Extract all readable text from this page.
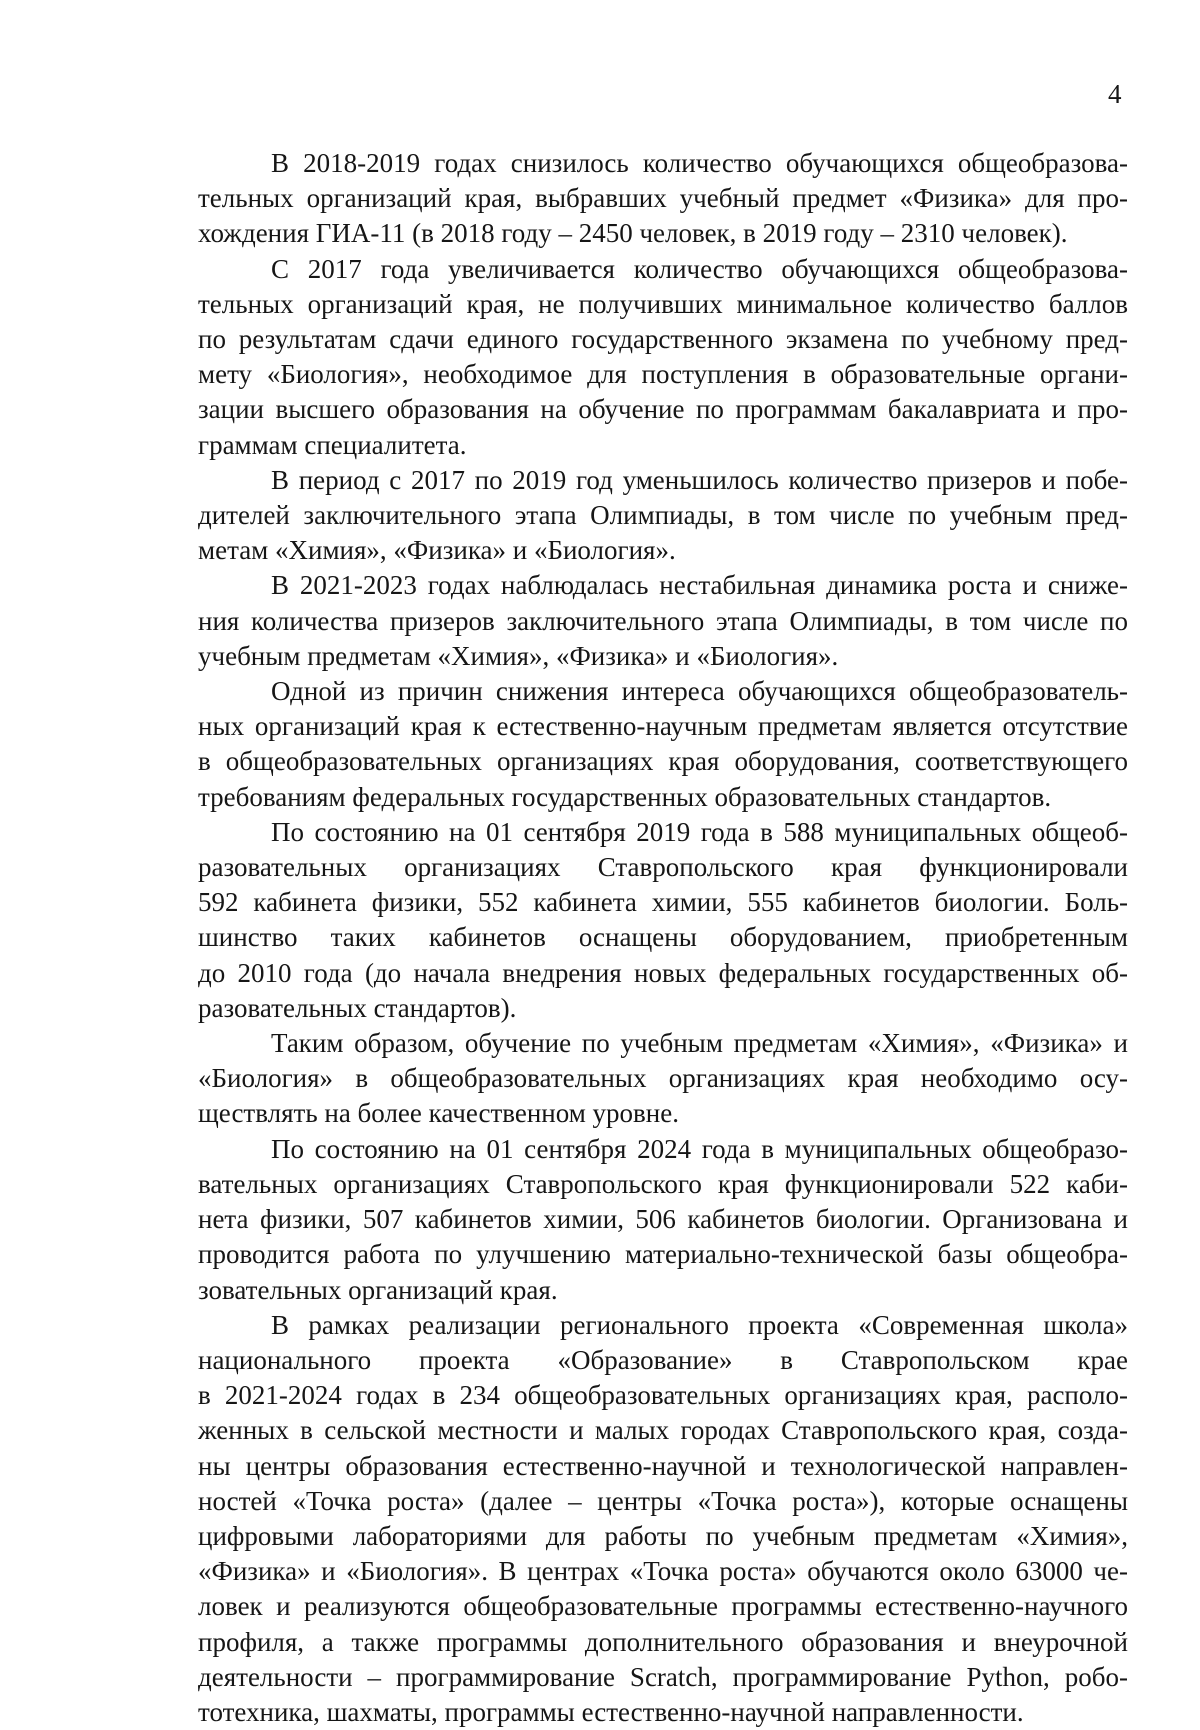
4

В 2018-2019 годах снизилось количество обучающихся общеобразова-
тельных организаций края, выбравших учебный предмет «Физика» для про-
хождения ГИА-11 (в 2018 году – 2450 человек, в 2019 году – 2310 человек).

С 2017 года увеличивается количество обучающихся общеобразова-
тельных организаций края, не получивших минимальное количество баллов
по результатам сдачи единого государственного экзамена по учебному пред-
мету «Биология», необходимое для поступления в образовательные органи-
зации высшего образования на обучение по программам бакалавриата и про-
граммам специалитета.

В период с 2017 по 2019 год уменьшилось количество призеров и побе-
дителей заключительного этапа Олимпиады, в том числе по учебным пред-
метам «Химия», «Физика» и «Биология».

В 2021-2023 годах наблюдалась нестабильная динамика роста и сниже-
ния количества призеров заключительного этапа Олимпиады, в том числе по
учебным предметам «Химия», «Физика» и «Биология».

Одной из причин снижения интереса обучающихся общеобразователь-
ных организаций края к естественно-научным предметам является отсутствие
в общеобразовательных организациях края оборудования, соответствующего
требованиям федеральных государственных образовательных стандартов.

По состоянию на 01 сентября 2019 года в 588 муниципальных общеоб-
разовательных организациях Ставропольского края функционировали
592 кабинета физики, 552 кабинета химии, 555 кабинетов биологии. Боль-
шинство таких кабинетов оснащены оборудованием, приобретенным
до 2010 года (до начала внедрения новых федеральных государственных об-
разовательных стандартов).

Таким образом, обучение по учебным предметам «Химия», «Физика» и
«Биология» в общеобразовательных организациях края необходимо осу-
ществлять на более качественном уровне.

По состоянию на 01 сентября 2024 года в муниципальных общеобразо-
вательных организациях Ставропольского края функционировали 522 каби-
нета физики, 507 кабинетов химии, 506 кабинетов биологии. Организована и
проводится работа по улучшению материально-технической базы общеобра-
зовательных организаций края.

В рамках реализации регионального проекта «Современная школа»
национального проекта «Образование» в Ставропольском крае
в 2021-2024 годах в 234 общеобразовательных организациях края, располо-
женных в сельской местности и малых городах Ставропольского края, созда-
ны центры образования естественно-научной и технологической направлен-
ностей «Точка роста» (далее – центры «Точка роста»), которые оснащены
цифровыми лабораториями для работы по учебным предметам «Химия»,
«Физика» и «Биология». В центрах «Точка роста» обучаются около 63000 че-
ловек и реализуются общеобразовательные программы естественно-научного
профиля, а также программы дополнительного образования и внеурочной
деятельности – программирование Scratch, программирование Python, робо-
тотехника, шахматы, программы естественно-научной направленности.
